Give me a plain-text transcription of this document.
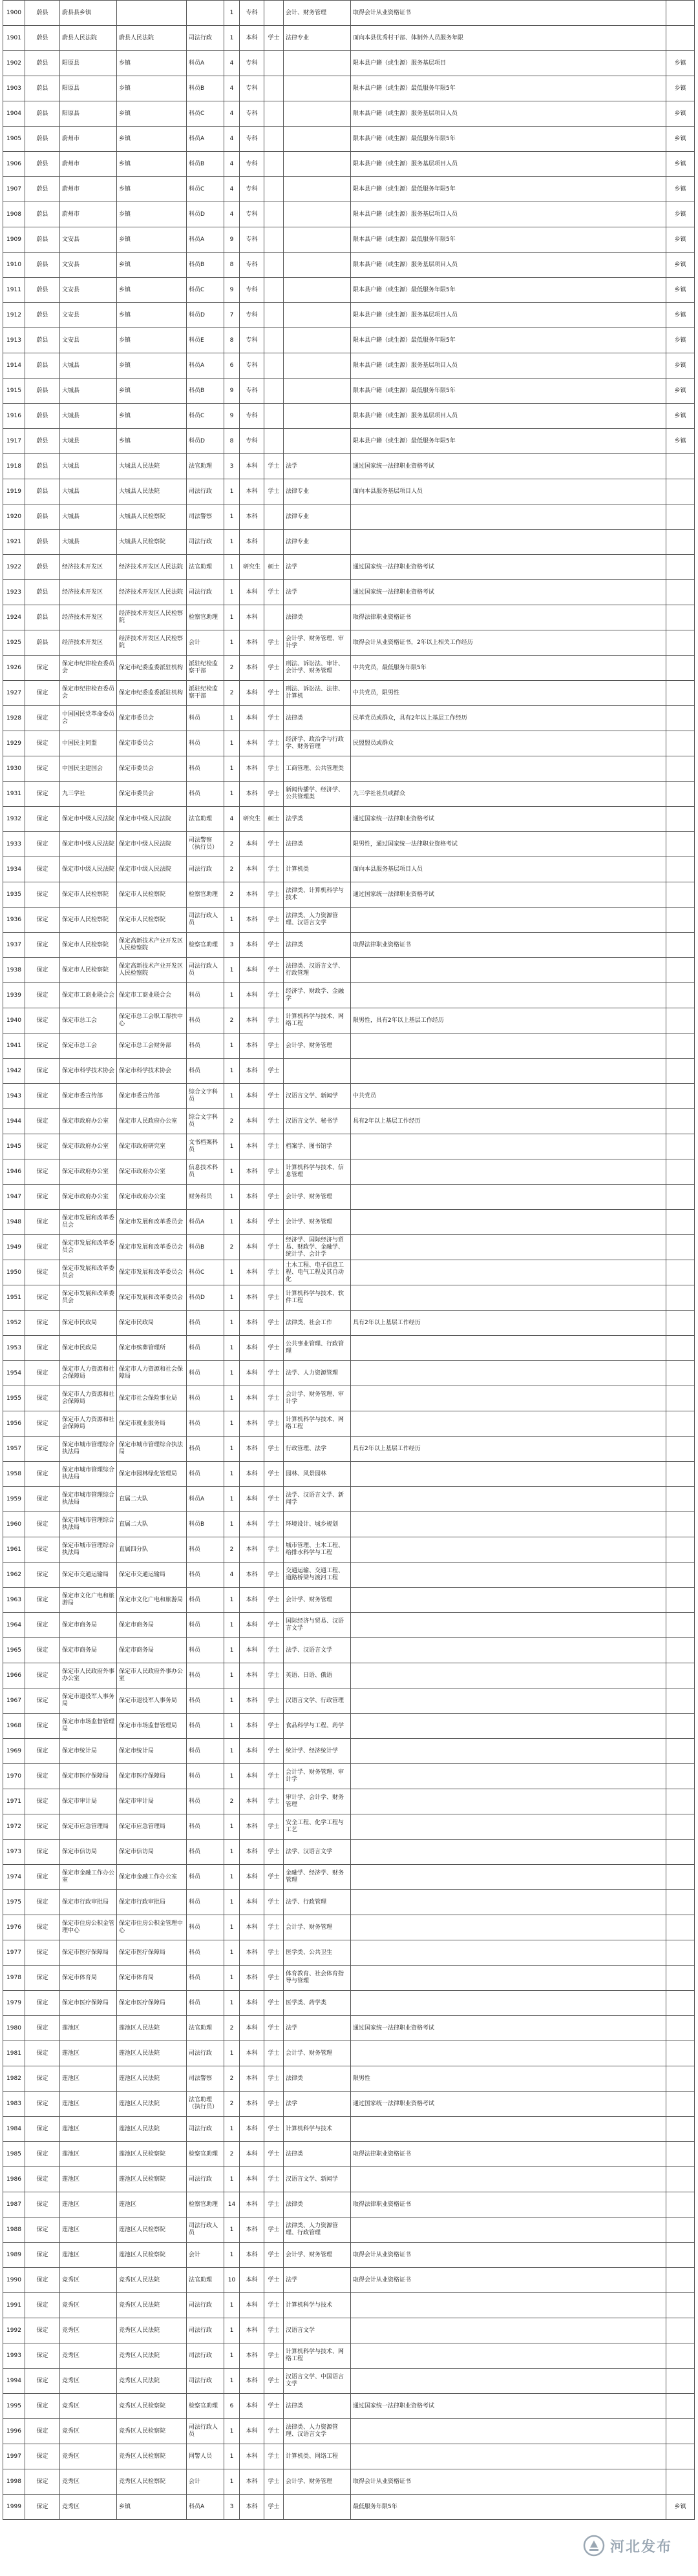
1900	蔚县	蔚县县乡镇			1	专科		会计、财务管理	取得会计从业资格证书	
1901	蔚县	蔚县人民法院	蔚县人民法院	司法行政	1	本科	学士	法律专业	面向本县优秀村干部、体制外人员服务年限	
1902	蔚县	阳原县	乡镇	科员A	4	专科			限本县户籍（或生源）服务基层项目	乡镇
1903	蔚县	阳原县	乡镇	科员B	4	专科			限本县户籍（或生源）最低服务年限5年	乡镇
1904	蔚县	阳原县	乡镇	科员C	4	专科			限本县户籍（或生源）服务基层项目人员	乡镇
1905	蔚县	蔚州市	乡镇	科员A	4	专科			限本县户籍（或生源）最低服务年限5年	乡镇
1906	蔚县	蔚州市	乡镇	科员B	4	专科			限本县户籍（或生源）服务基层项目人员	乡镇
1907	蔚县	蔚州市	乡镇	科员C	4	专科			限本县户籍（或生源）最低服务年限5年	乡镇
1908	蔚县	蔚州市	乡镇	科员D	4	专科			限本县户籍（或生源）服务基层项目人员	乡镇
1909	蔚县	文安县	乡镇	科员A	9	专科			限本县户籍（或生源）最低服务年限5年	乡镇
1910	蔚县	文安县	乡镇	科员B	8	专科			限本县户籍（或生源）服务基层项目人员	乡镇
1911	蔚县	文安县	乡镇	科员C	9	专科			限本县户籍（或生源）最低服务年限5年	乡镇
1912	蔚县	文安县	乡镇	科员D	7	专科			限本县户籍（或生源）服务基层项目人员	乡镇
1913	蔚县	文安县	乡镇	科员E	8	专科			限本县户籍（或生源）最低服务年限5年	乡镇
1914	蔚县	大城县	乡镇	科员A	6	专科			限本县户籍（或生源）服务基层项目人员	乡镇
1915	蔚县	大城县	乡镇	科员B	9	专科			限本县户籍（或生源）最低服务年限5年	乡镇
1916	蔚县	大城县	乡镇	科员C	9	专科			限本县户籍（或生源）服务基层项目人员	乡镇
1917	蔚县	大城县	乡镇	科员D	8	专科			限本县户籍（或生源）最低服务年限5年	乡镇
1918	蔚县	大城县	大城县人民法院	法官助理	3	本科	学士	法学	通过国家统一法律职业资格考试	
1919	蔚县	大城县	大城县人民法院	司法行政	1	本科	学士	法律专业	面向本县服务基层项目人员	
1920	蔚县	大城县	大城县人民检察院	司法警察	1	本科		法律专业		
1921	蔚县	大城县	大城县人民检察院	司法行政	1	本科		法律专业		
1922	蔚县	经济技术开发区	经济技术开发区人民法院	法官助理	1	研究生	硕士	法学	通过国家统一法律职业资格考试	
1923	蔚县	经济技术开发区	经济技术开发区人民法院	司法行政	1	本科	学士	法学	通过国家统一法律职业资格考试	
1924	蔚县	经济技术开发区	经济技术开发区人民检察院	检察官助理	1	本科		法律类	取得法律职业资格证书	
1925	蔚县	经济技术开发区	经济技术开发区人民检察院	会计	1	本科	学士	会计学、财务管理、审计学	取得会计从业资格证书，2年以上相关工作经历	
1926	保定	保定市纪律检查委员会	保定市纪委监委派驻机构	派驻纪检监察干部	2	本科	学士	刑法、诉讼法、审计、会计学、财务管理	中共党员，最低服务年限5年	
1927	保定	保定市纪律检查委员会	保定市纪委监委派驻机构	派驻纪检监察干部	2	本科	学士	刑法、诉讼法、法律、计算机	中共党员，限男性	
1928	保定	中国国民党革命委员会	保定市委员会	科员	1	本科	学士	法律类	民革党员或群众，具有2年以上基层工作经历	
1929	保定	中国民主同盟	保定市委员会	科员	1	本科	学士	经济学、政治学与行政学、财务管理	民盟盟员或群众	
1930	保定	中国民主建国会	保定市委员会	科员	1	本科	学士	工商管理、公共管理类		
1931	保定	九三学社	保定市委员会	科员	1	本科	学士	新闻传播学、经济学、公共管理类	九三学社社员或群众	
1932	保定	保定市中级人民法院	保定市中级人民法院	法官助理	4	研究生	硕士	法学类	通过国家统一法律职业资格考试	
1933	保定	保定市中级人民法院	保定市中级人民法院	司法警察（执行员）	2	本科	学士	法律类	限男性，通过国家统一法律职业资格考试	
1934	保定	保定市中级人民法院	保定市中级人民法院	司法行政	2	本科	学士	计算机类	面向本县服务基层项目人员	
1935	保定	保定市人民检察院	保定市人民检察院	检察官助理	2	本科	学士	法律类、计算机科学与技术	通过国家统一法律职业资格考试	
1936	保定	保定市人民检察院	保定市人民检察院	司法行政人员	1	本科	学士	法律类、人力资源管理、汉语言文学		
1937	保定	保定市人民检察院	保定高新技术产业开发区人民检察院	检察官助理	3	本科	学士	法律类	取得法律职业资格证书	
1938	保定	保定市人民检察院	保定高新技术产业开发区人民检察院	司法行政人员	1	本科	学士	法律类、汉语言文学、行政管理		
1939	保定	保定市工商业联合会	保定市工商业联合会	科员	1	本科	学士	经济学、财政学、金融学		
1940	保定	保定市总工会	保定市总工会职工帮扶中心	科员	2	本科	学士	计算机科学与技术、网络工程	限男性，具有2年以上基层工作经历	
1941	保定	保定市总工会	保定市总工会财务部	科员	1	本科	学士	会计学、财务管理		
1942	保定	保定市科学技术协会	保定市科学技术协会	科员	1	本科	学士			
1943	保定	保定市委宣传部	保定市委宣传部	综合文字科员	1	本科	学士	汉语言文学、新闻学	中共党员	
1944	保定	保定市政府办公室	保定市人民政府办公室	综合文字科员	2	本科	学士	汉语言文学、秘书学	具有2年以上基层工作经历	
1945	保定	保定市政府办公室	保定市政府研究室	文书档案科员	1	本科	学士	档案学、图书馆学		
1946	保定	保定市政府办公室	保定市政府办公室	信息技术科员	1	本科	学士	计算机科学与技术、信息管理		
1947	保定	保定市政府办公室	保定市政府办公室	财务科员	1	本科	学士	会计学、财务管理		
1948	保定	保定市发展和改革委员会	保定市发展和改革委员会	科员A	1	本科	学士	会计学、财务管理		
1949	保定	保定市发展和改革委员会	保定市发展和改革委员会	科员B	2	本科	学士	经济学、国际经济与贸易、财政学、金融学、统计学、会计学		
1950	保定	保定市发展和改革委员会	保定市发展和改革委员会	科员C	1	本科	学士	土木工程、电子信息工程、电气工程及其自动化		
1951	保定	保定市发展和改革委员会	保定市发展和改革委员会	科员D	1	本科	学士	计算机科学与技术、软件工程		
1952	保定	保定市民政局	保定市民政局	科员	1	本科	学士	法律类、社会工作	具有2年以上基层工作经历	
1953	保定	保定市民政局	保定市殡葬管理所	科员	1	本科	学士	公共事业管理、行政管理		
1954	保定	保定市人力资源和社会保障局	保定市人力资源和社会保障局	科员	1	本科	学士	法学、人力资源管理		
1955	保定	保定市人力资源和社会保障局	保定市社会保险事业局	科员	1	本科	学士	会计学、财务管理、审计学		
1956	保定	保定市人力资源和社会保障局	保定市就业服务局	科员	1	本科	学士	计算机科学与技术、网络工程		
1957	保定	保定市城市管理综合执法局	保定市城市管理综合执法局	科员	1	本科	学士	行政管理、法学	具有2年以上基层工作经历	
1958	保定	保定市城市管理综合执法局	保定市园林绿化管理局	科员	1	本科	学士	园林、风景园林		
1959	保定	保定市城市管理综合执法局	直属二大队	科员A	1	本科	学士	法学、汉语言文学、新闻学		
1960	保定	保定市城市管理综合执法局	直属二大队	科员B	1	本科	学士	环境设计、城乡规划		
1961	保定	保定市城市管理综合执法局	直属四分队	科员	2	本科	学士	城市管理、土木工程、给排水科学与工程		
1962	保定	保定市交通运输局	保定市交通运输局	科员	4	本科	学士	交通运输、交通工程、道路桥梁与渡河工程		
1963	保定	保定市文化广电和旅游局	保定市文化广电和旅游局	科员	1	本科	学士	会计学、财务管理		
1964	保定	保定市商务局	保定市商务局	科员	1	本科	学士	国际经济与贸易、汉语言文学		
1965	保定	保定市商务局	保定市商务局	科员	1	本科	学士	法学、汉语言文学		
1966	保定	保定市人民政府外事办公室	保定市人民政府外事办公室	科员	1	本科	学士	英语、日语、俄语		
1967	保定	保定市退役军人事务局	保定市退役军人事务局	科员	1	本科	学士	汉语言文学、行政管理		
1968	保定	保定市市场监督管理局	保定市市场监督管理局	科员	1	本科	学士	食品科学与工程、药学		
1969	保定	保定市统计局	保定市统计局	科员	1	本科	学士	统计学、经济统计学		
1970	保定	保定市医疗保障局	保定市医疗保障局	科员	1	本科	学士	会计学、财务管理、审计学		
1971	保定	保定市审计局	保定市审计局	科员	2	本科	学士	审计学、会计学、财务管理		
1972	保定	保定市应急管理局	保定市应急管理局	科员	1	本科	学士	安全工程、化学工程与工艺		
1973	保定	保定市信访局	保定市信访局	科员	1	本科	学士	法学、汉语言文学		
1974	保定	保定市金融工作办公室	保定市金融工作办公室	科员	1	本科	学士	金融学、经济学、财务管理		
1975	保定	保定市行政审批局	保定市行政审批局	科员	1	本科	学士	法学、行政管理		
1976	保定	保定市住房公积金管理中心	保定市住房公积金管理中心	科员	1	本科	学士	会计学、财务管理		
1977	保定	保定市医疗保障局	保定市医疗保障局	科员	1	本科	学士	医学类、公共卫生		
1978	保定	保定市体育局	保定市体育局	科员	1	本科	学士	体育教育、社会体育指导与管理		
1979	保定	保定市医疗保障局	保定市医疗保障局	科员	1	本科	学士	医学类、药学类		
1980	保定	莲池区	莲池区人民法院	法官助理	2	本科	学士	法学	通过国家统一法律职业资格考试	
1981	保定	莲池区	莲池区人民法院	司法行政	1	本科	学士	会计学、财务管理		
1982	保定	莲池区	莲池区人民法院	司法警察	2	本科	学士	法律类	限男性	
1983	保定	莲池区	莲池区人民法院	法官助理（执行员）	2	本科	学士	法学	通过国家统一法律职业资格考试	
1984	保定	莲池区	莲池区人民法院	司法行政	1	本科	学士	计算机科学与技术		
1985	保定	莲池区	莲池区人民检察院	检察官助理	2	本科	学士	法律类	取得法律职业资格证书	
1986	保定	莲池区	莲池区人民检察院	司法行政	1	本科	学士	汉语言文学、新闻学		
1987	保定	莲池区	莲池区	检察官助理	14	本科	学士	法律类	取得法律职业资格证书	
1988	保定	莲池区	莲池区人民检察院	司法行政人员	1	本科	学士	法律类、人力资源管理、行政管理		
1989	保定	莲池区	莲池区人民检察院	会计	1	本科	学士	会计学、财务管理	取得会计从业资格证书	
1990	保定	竞秀区	竞秀区人民法院	法官助理	10	本科	学士	法学	取得会计从业资格证书	
1991	保定	竞秀区	竞秀区人民法院	司法行政	1	本科	学士	计算机科学与技术		
1992	保定	竞秀区	竞秀区人民法院	司法行政	1	本科	学士	汉语言文学		
1993	保定	竞秀区	竞秀区人民法院	司法行政	1	本科	学士	计算机科学与技术、网络工程		
1994	保定	竞秀区	竞秀区人民法院	司法行政	1	本科	学士	汉语言文学、中国语言文学		
1995	保定	竞秀区	竞秀区人民检察院	检察官助理	6	本科	学士	法律类	通过国家统一法律职业资格考试	
1996	保定	竞秀区	竞秀区人民检察院	司法行政人员	1	本科	学士	法律类、人力资源管理、汉语言文学		
1997	保定	竞秀区	竞秀区人民检察院	网警人员	1	本科	学士	计算机类、网络工程		
1998	保定	竞秀区	竞秀区人民检察院	会计	1	本科	学士	会计学、财务管理	取得会计从业资格证书	
1999	保定	竞秀区	乡镇	科员A	3	本科	学士		最低服务年限5年	乡镇
河北发布
